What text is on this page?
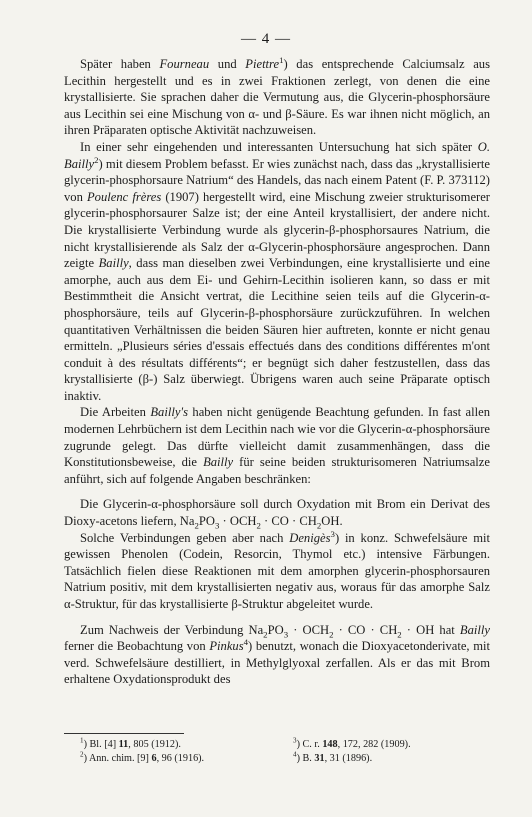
— 4 —

Später haben Fourneau und Piettre$^1$) das entsprechende Calciumsalz aus Lecithin hergestellt und es in zwei Fraktionen zerlegt, von denen die eine krystallisierte. Sie sprachen daher die Vermutung aus, die Glycerin-phosphorsäure aus Lecithin sei eine Mischung von α- und β-Säure. Es war ihnen nicht möglich, an ihren Präparaten optische Aktivität nachzuweisen.

In einer sehr eingehenden und interessanten Untersuchung hat sich später O. Bailly$^2$) mit diesem Problem befasst. Er wies zunächst nach, dass das „krystallisierte glycerin-phosphorsaure Natrium“ des Handels, das nach einem Patent (F. P. 373112) von Poulenc frères (1907) hergestellt wird, eine Mischung zweier strukturisomerer glycerin-phosphorsaurer Salze ist; der eine Anteil krystallisiert, der andere nicht. Die krystallisierte Verbindung wurde als glycerin-β-phosphorsaures Natrium, die nicht krystallisierende als Salz der α-Glycerin-phosphorsäure angesprochen. Dann zeigte Bailly, dass man dieselben zwei Verbindungen, eine krystallisierte und eine amorphe, auch aus dem Ei- und Gehirn-Lecithin isolieren kann, so dass er mit Bestimmtheit die Ansicht vertrat, die Lecithine seien teils auf die Glycerin-α-phosphorsäure, teils auf Glycerin-β-phosphorsäure zurückzuführen. In welchen quantitativen Verhältnissen die beiden Säuren hier auftreten, konnte er nicht genau ermitteln. „Plusieurs séries d'essais effectués dans des conditions différentes m'ont conduit à des résultats différents“; er begnügt sich daher festzustellen, dass das krystallisierte (β-) Salz überwiegt. Übrigens waren auch seine Präparate optisch inaktiv.

Die Arbeiten Bailly's haben nicht genügende Beachtung gefunden. In fast allen modernen Lehrbüchern ist dem Lecithin nach wie vor die Glycerin-α-phosphorsäure zugrunde gelegt. Das dürfte vielleicht damit zusammenhängen, dass die Konstitutionsbeweise, die Bailly für seine beiden strukturisomeren Natriumsalze anführt, sich auf folgende Angaben beschränken:

Die Glycerin-α-phosphorsäure soll durch Oxydation mit Brom ein Derivat des Dioxy-acetons liefern, $Na_2PO_3 \cdot OCH_2$ · CO · $CH_2OH$.

Solche Verbindungen geben aber nach Denigès$^3$) in konz. Schwefelsäure mit gewissen Phenolen (Codein, Resorcin, Thymol etc.) intensive Färbungen. Tatsächlich fielen diese Reaktionen mit dem amorphen glycerin-phosphorsauren Natrium positiv, mit dem krystallisierten negativ aus, woraus für das amorphe Salz α-Struktur, für das krystallisierte β-Struktur abgeleitet wurde.

Zum Nachweis der Verbindung $Na_2PO_3 \cdot OCH_2$ · CO · $CH_2$ · OH hat Bailly ferner die Beobachtung von Pinkus$^4$) benutzt, wonach die Dioxyacetonderivate, mit verd. Schwefelsäure destilliert, in Methylglyoxal zerfallen. Als er das mit Brom erhaltene Oxydationsprodukt des

$^1$) Bl. [4] 11, 805 (1912).	$^3$) C. r. 148, 172, 282 (1909).
$^2$) Ann. chim. [9] 6, 96 (1916).	$^4$) B. 31, 31 (1896).
